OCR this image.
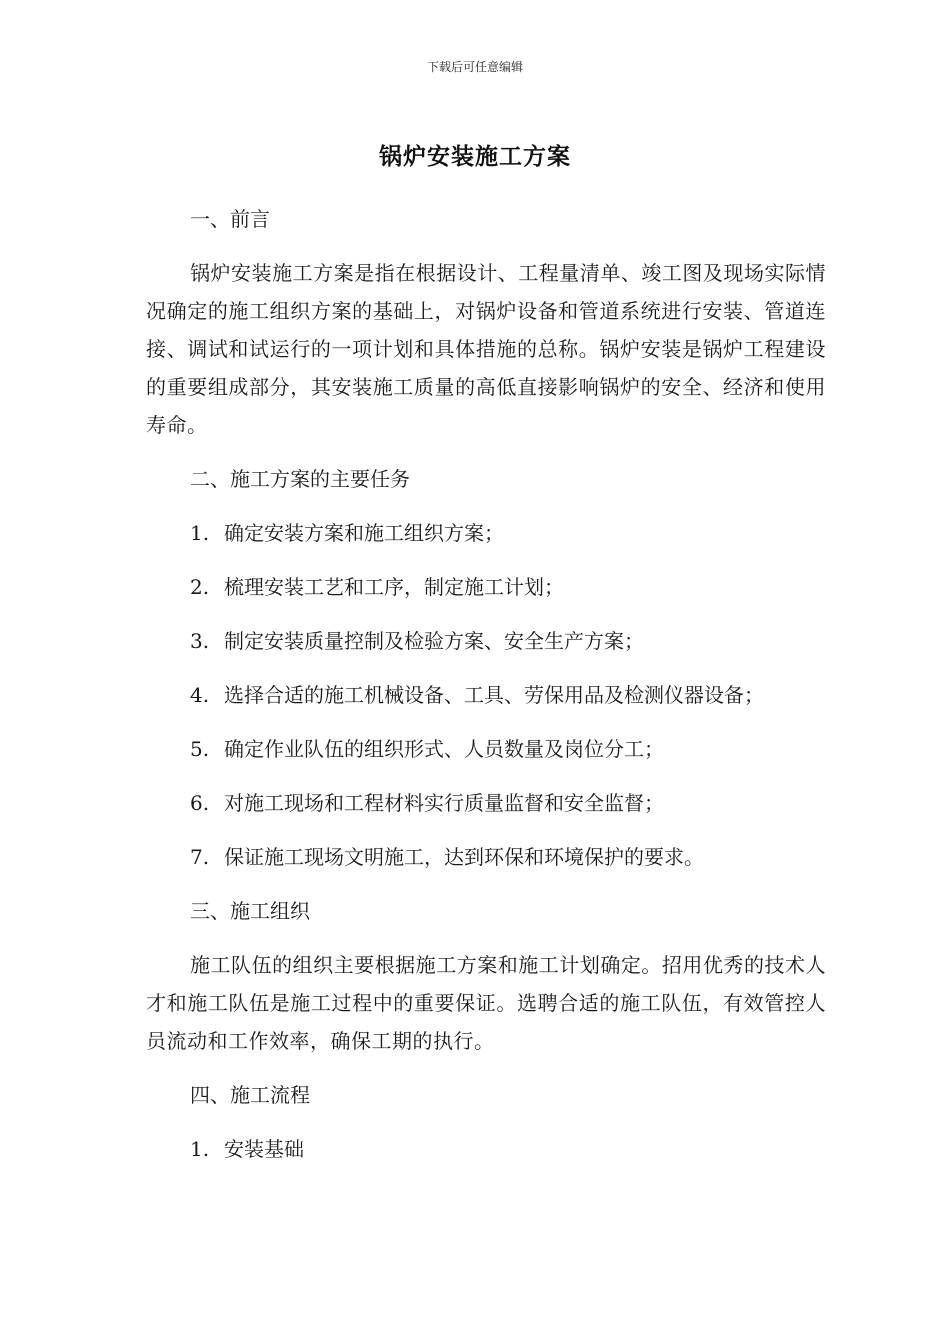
下载后可任意编辑
锅炉安装施工方案
一、前言

锅炉安装施工方案是指在根据设计、工程量清单、竣工图及现场实际情况确定的施工组织方案的基础上，对锅炉设备和管道系统进行安装、管道连接、调试和试运行的一项计划和具体措施的总称。锅炉安装是锅炉工程建设的重要组成部分，其安装施工质量的高低直接影响锅炉的安全、经济和使用寿命。

二、施工方案的主要任务
1. 确定安装方案和施工组织方案；
2. 梳理安装工艺和工序，制定施工计划；
3. 制定安装质量控制及检验方案、安全生产方案；
4. 选择合适的施工机械设备、工具、劳保用品及检测仪器设备；
5. 确定作业队伍的组织形式、人员数量及岗位分工；
6. 对施工现场和工程材料实行质量监督和安全监督；
7. 保证施工现场文明施工，达到环保和环境保护的要求。
三、施工组织

施工队伍的组织主要根据施工方案和施工计划确定。招用优秀的技术人才和施工队伍是施工过程中的重要保证。选聘合适的施工队伍，有效管控人员流动和工作效率，确保工期的执行。

四、施工流程
1. 安装基础
